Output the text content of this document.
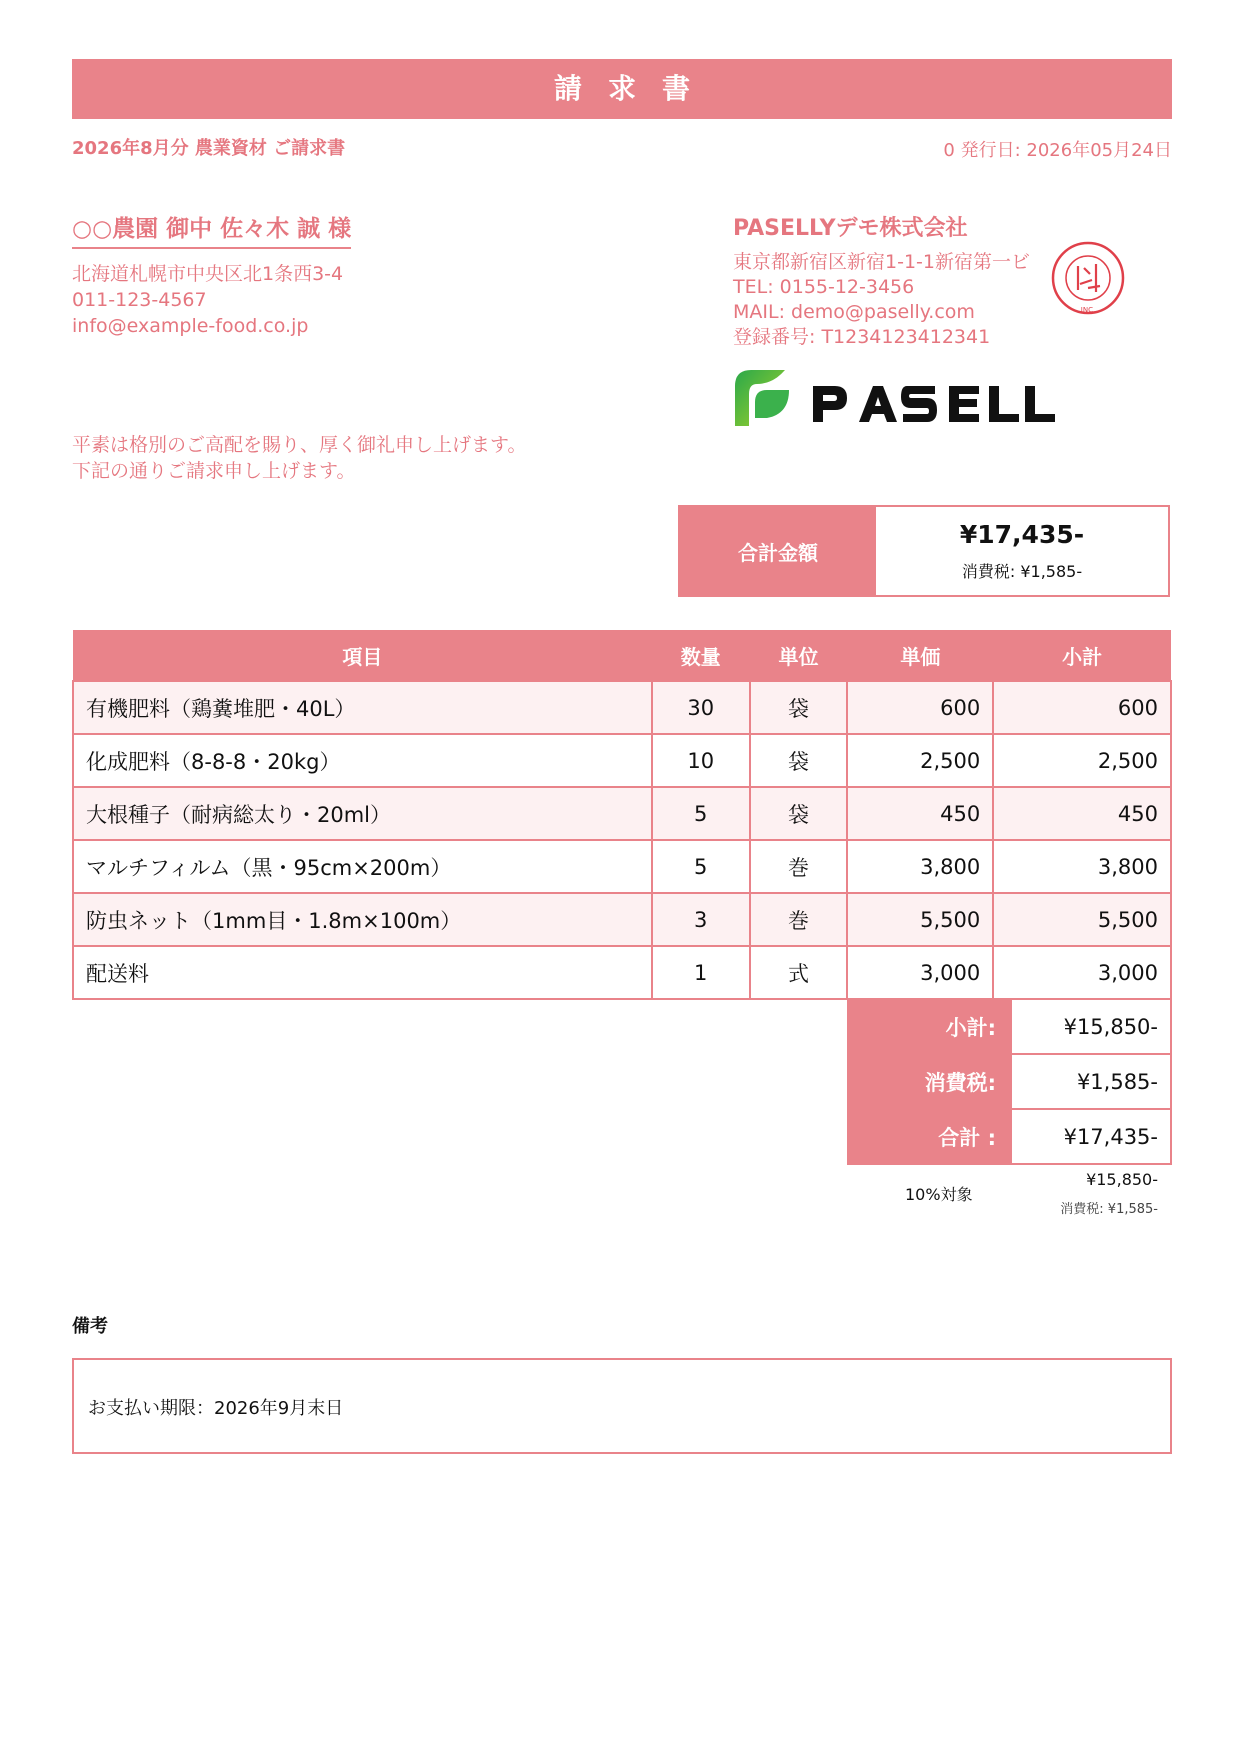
請求書
2026年8月分 農業資材 ご請求書	0 発行日: 2026年05月24日
○○農園 御中 佐々木 誠 様
北海道札幌市中央区北1条西3-4
011-123-4567
info@example-food.co.jp
PASELLYデモ株式会社
東京都新宿区新宿1-1-1新宿第一ビ
TEL: 0155-12-3456
MAIL: demo@paselly.com
登録番号: T1234123412341
INC.
平素は格別のご高配を賜り、厚く御礼申し上げます。
下記の通りご請求申し上げます。
合計金額
¥17,435-
消費税: ¥1,585-
項目	数量	単位	単価	小計
有機肥料（鶏糞堆肥・40L）	30	袋	600	600
化成肥料（8-8-8・20kg）	10	袋	2,500	2,500
大根種子（耐病総太り・20ml）	5	袋	450	450
マルチフィルム（黒・95cm×200m）	5	巻	3,800	3,800
防虫ネット（1mm目・1.8m×100m）	3	巻	5,500	5,500
配送料	1	式	3,000	3,000
小計:	¥15,850-
消費税:	¥1,585-
合計 :	¥17,435-
10%対象
¥15,850-
消費税: ¥1,585-
備考
お支払い期限：2026年9月末日
